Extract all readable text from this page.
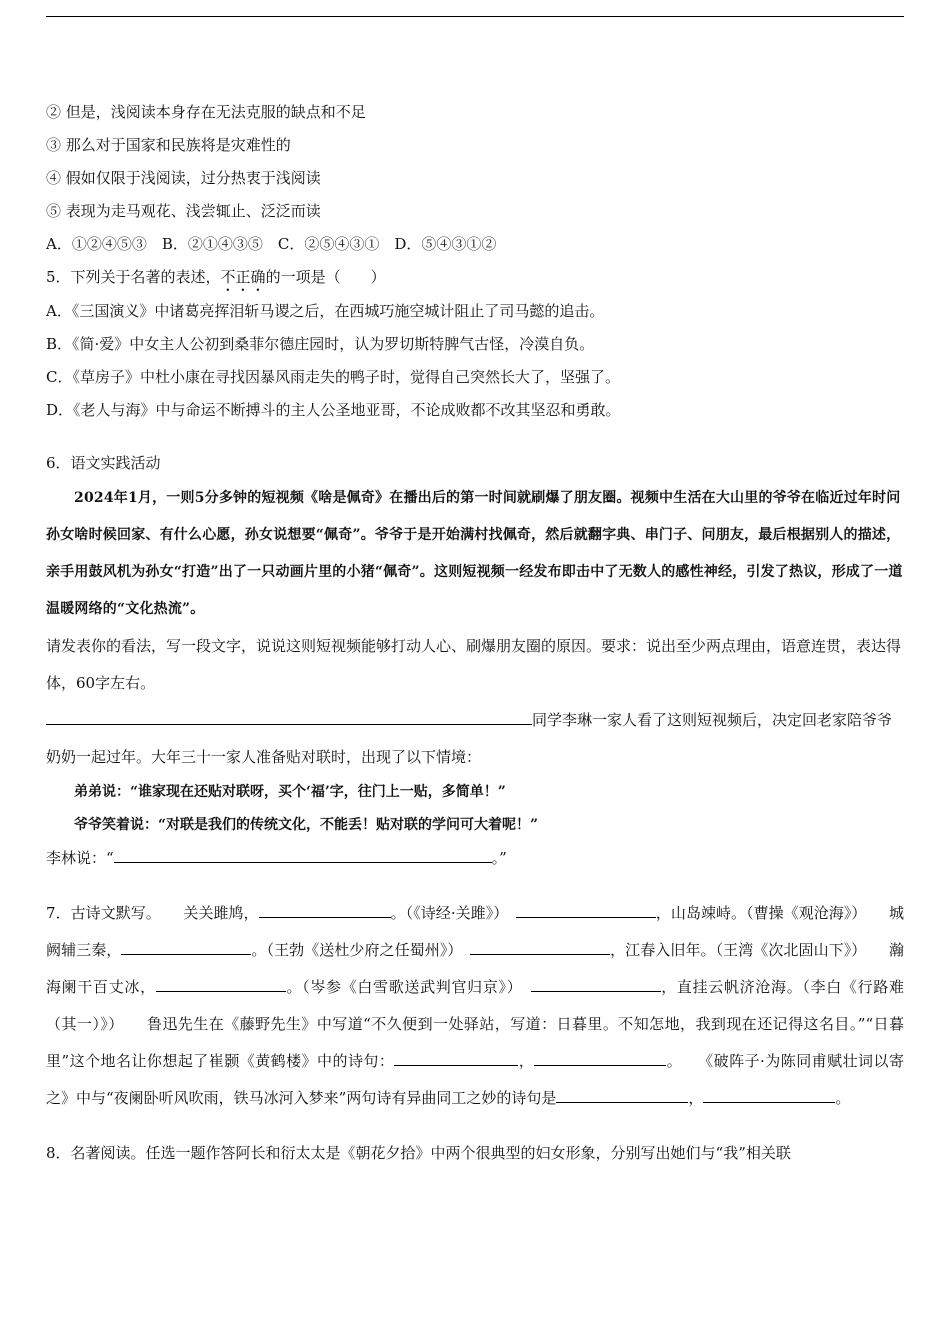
② 但是，浅阅读本身存在无法克服的缺点和不足
③ 那么对于国家和民族将是灾难性的
④ 假如仅限于浅阅读，过分热衷于浅阅读
⑤ 表现为走马观花、浅尝辄止、泛泛而读
A．①②④⑤③　B．②①④③⑤　C．②⑤④③①　D．⑤④③①②
5．下列关于名著的表述，不正确的一项是（　　）
A．《三国演义》中诸葛亮挥泪斩马谡之后，在西城巧施空城计阻止了司马懿的追击。
B．《简·爱》中女主人公初到桑菲尔德庄园时，认为罗切斯特脾气古怪，冷漠自负。
C．《草房子》中杜小康在寻找因暴风雨走失的鸭子时，觉得自己突然长大了，坚强了。
D．《老人与海》中与命运不断搏斗的主人公圣地亚哥，不论成败都不改其坚忍和勇敢。
6．语文实践活动
2024年1月，一则5分多钟的短视频《啥是佩奇》在播出后的第一时间就刷爆了朋友圈。视频中生活在大山里的爷爷在临近过年时问孙女啥时候回家、有什么心愿，孙女说想要“佩奇”。爷爷于是开始满村找佩奇，然后就翻字典、串门子、问朋友，最后根据别人的描述，亲手用鼓风机为孙女“打造”出了一只动画片里的小猪“佩奇”。这则短视频一经发布即击中了无数人的感性神经，引发了热议，形成了一道温暖网络的“文化热流”。
请发表你的看法，写一段文字，说说这则短视频能够打动人心、刷爆朋友圈的原因。要求：说出至少两点理由，语意连贯，表达得体，60字左右。
同学李琳一家人看了这则短视频后，决定回老家陪爷爷奶奶一起过年。大年三十一家人准备贴对联时，出现了以下情境：
弟弟说：“谁家现在还贴对联呀，买个‘福’字，往门上一贴，多简单！”
爷爷笑着说：“对联是我们的传统文化，不能丢！贴对联的学问可大着呢！”
李林说：“	。”
7．古诗文默写。　　关关雎鸠，	。（《诗经·关雎》）　	，山岛竦峙。（曹操《观沧海》）　　城阙辅三秦，	。（王勃《送杜少府之任蜀州》）　	，江春入旧年。（王湾《次北固山下》）　　瀚海阑干百丈冰，	。（岑参《白雪歌送武判官归京》）　	，直挂云帆济沧海。（李白《行路难（其一）》）　　鲁迅先生在《藤野先生》中写道“不久便到一处驿站，写道：日暮里。不知怎地，我到现在还记得这名目。”“日暮里”这个地名让你想起了崔颢《黄鹤楼》中的诗句：	，	。　　《破阵子·为陈同甫赋壮词以寄之》中与“夜阑卧听风吹雨，铁马冰河入梦来”两句诗有异曲同工之妙的诗句是	，	。
8．名著阅读。任选一题作答阿长和衍太太是《朝花夕拾》中两个很典型的妇女形象，分别写出她们与“我”相关联
